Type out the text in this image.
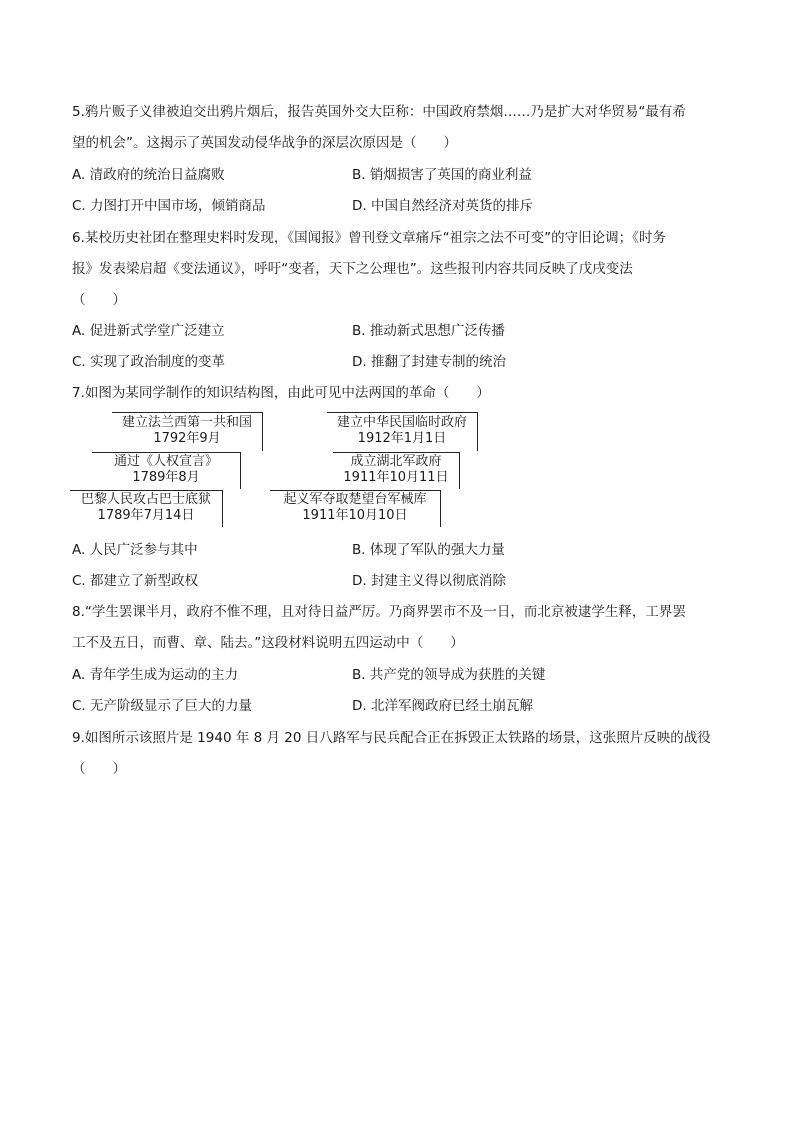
5.鸦片贩子义律被迫交出鸦片烟后，报告英国外交大臣称：中国政府禁烟……乃是扩大对华贸易“最有希
望的机会”。这揭示了英国发动侵华战争的深层次原因是（　　）
A. 清政府的统治日益腐败	B. 销烟损害了英国的商业利益
C. 力图打开中国市场，倾销商品	D. 中国自然经济对英货的排斥
6.某校历史社团在整理史料时发现，《国闻报》曾刊登文章痛斥“祖宗之法不可变”的守旧论调；《时务
报》发表梁启超《变法通议》，呼吁“变者，天下之公理也”。这些报刊内容共同反映了戊戌变法
（　　）
A. 促进新式学堂广泛建立	B. 推动新式思想广泛传播
C. 实现了政治制度的变革	D. 推翻了封建专制的统治
7.如图为某同学制作的知识结构图，由此可见中法两国的革命（　　）
建立法兰西第一共和国
1792年9月
通过《人权宣言》
1789年8月
巴黎人民攻占巴士底狱
1789年7月14日
建立中华民国临时政府
1912年1月1日
成立湖北军政府
1911年10月11日
起义军夺取楚望台军械库
1911年10月10日
A. 人民广泛参与其中	B. 体现了军队的强大力量
C. 都建立了新型政权	D. 封建主义得以彻底消除
8.“学生罢课半月，政府不惟不理，且对待日益严厉。乃商界罢市不及一日，而北京被逮学生释，工界罢
工不及五日，而曹、章、陆去。”这段材料说明五四运动中（　　）
A. 青年学生成为运动的主力	B. 共产党的领导成为获胜的关键
C. 无产阶级显示了巨大的力量	D. 北洋军阀政府已经土崩瓦解
9.如图所示该照片是 1940 年 8 月 20 日八路军与民兵配合正在拆毁正太铁路的场景，这张照片反映的战役
（　　）
